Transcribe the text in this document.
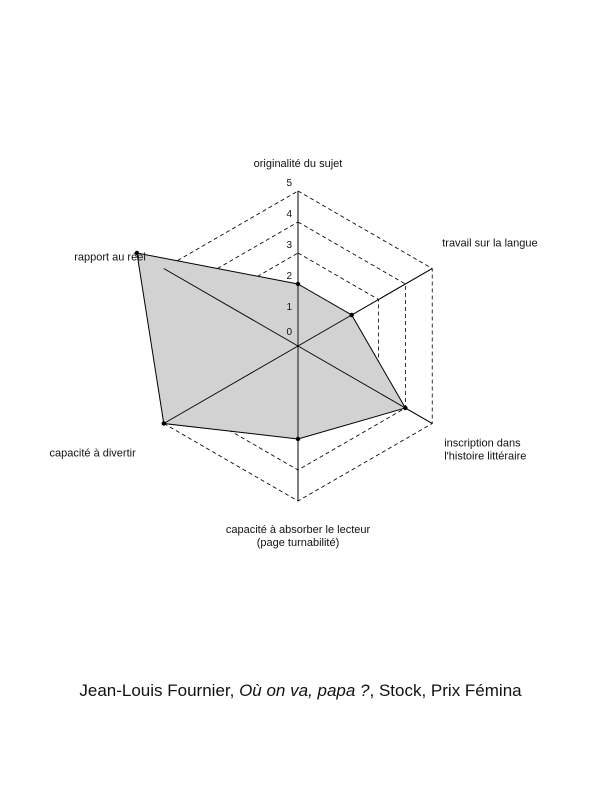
0
1
2
3
4
5
originalité du sujet
travail sur la langue
inscription dans l'histoire littéraire
capacité à absorber le lecteur (page turnabilité)
capacité à divertir
rapport au réel
Jean-Louis Fournier, Où on va, papa ?, Stock, Prix Fémina
